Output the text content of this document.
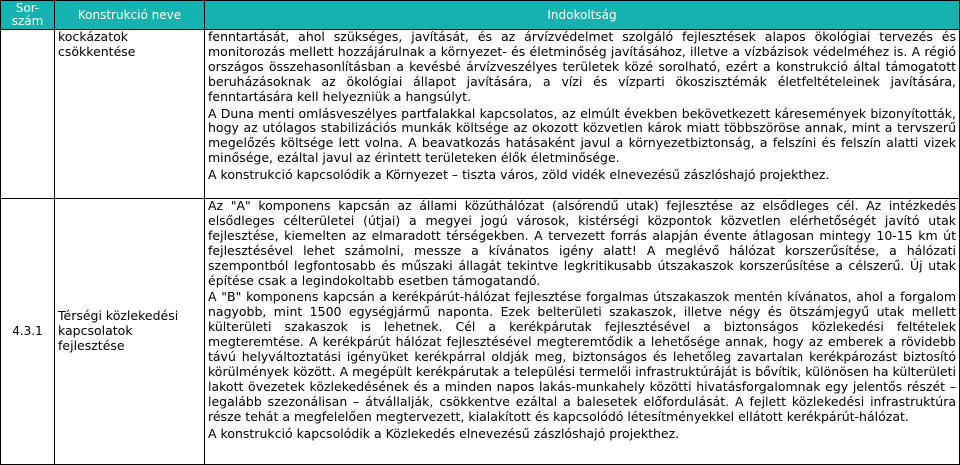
Sor-
szám	Konstrukció neve	Indokoltság
	kockázatok csökkentése	fenntartását, ahol szükséges, javítását, és az árvízvédelmet szolgáló fejlesztések alapos ökológiai tervezés és monitorozás mellett hozzájárulnak a környezet- és életminőség javításához, illetve a vízbázisok védelméhez is. A régió országos összehasonlításban a kevésbé árvízveszélyes területek közé sorolható, ezért a konstrukció által támogatott beruházásoknak az ökológiai állapot javítására, a vízi és vízparti ökoszisztémák életfeltételeinek javítására, fenntartására kell helyezniük a hangsúlyt.

A Duna menti omlásveszélyes partfalakkal kapcsolatos, az elmúlt években bekövetkezett káresemények bizonyították, hogy az utólagos stabilizációs munkák költsége az okozott közvetlen károk miatt többszöröse annak, mint a tervszerű megelőzés költsége lett volna. A beavatkozás hatásaként javul a környezetbiztonság, a felszíni és felszín alatti vizek minősége, ezáltal javul az érintett területeken élők életminősége.

A konstrukció kapcsolódik a Környezet – tiszta város, zöld vidék elnevezésű zászlóshajó projekthez.

4.3.1	Térségi közlekedési kapcsolatok fejlesztése	Az "A" komponens kapcsán az állami közúthálózat (alsórendű utak) fejlesztése az elsődleges cél. Az intézkedés elsődleges célterületei (útjai) a megyei jogú városok, kistérségi központok közvetlen elérhetőségét javító utak fejlesztése, kiemelten az elmaradott térségekben. A tervezett forrás alapján évente átlagosan mintegy 10-15 km út fejlesztésével lehet számolni, messze a kívánatos igény alatt! A meglévő hálózat korszerűsítése, a hálózati szempontból legfontosabb és műszaki állagát tekintve legkritikusabb útszakaszok korszerűsítése a célszerű. Új utak építése csak a legindokoltabb esetben támogatandó.

A "B" komponens kapcsán a kerékpárút-hálózat fejlesztése forgalmas útszakaszok mentén kívánatos, ahol a forgalom nagyobb, mint 1500 egységjármű naponta. Ezek belterületi szakaszok, illetve négy és ötszámjegyű utak mellett külterületi szakaszok is lehetnek. Cél a kerékpárutak fejlesztésével a biztonságos közlekedési feltételek megteremtése. A kerékpárút hálózat fejlesztésével megteremtődik a lehetősége annak, hogy az emberek a rövidebb távú helyváltoztatási igényüket kerékpárral oldják meg, biztonságos és lehetőleg zavartalan kerékpározást biztosító körülmények között. A megépült kerékpárutak a települési termelői infrastruktúráját is bővítik, különösen ha külterületi lakott övezetek közlekedésének és a minden napos lakás-munkahely közötti hivatásforgalomnak egy jelentős részét – legalább szezonálisan – átvállalják, csökkentve ezáltal a balesetek előfordulását. A fejlett közlekedési infrastruktúra része tehát a megfelelően megtervezett, kialakított és kapcsolódó létesítményekkel ellátott kerékpárút-hálózat.

A konstrukció kapcsolódik a Közlekedés elnevezésű zászlóshajó projekthez.
